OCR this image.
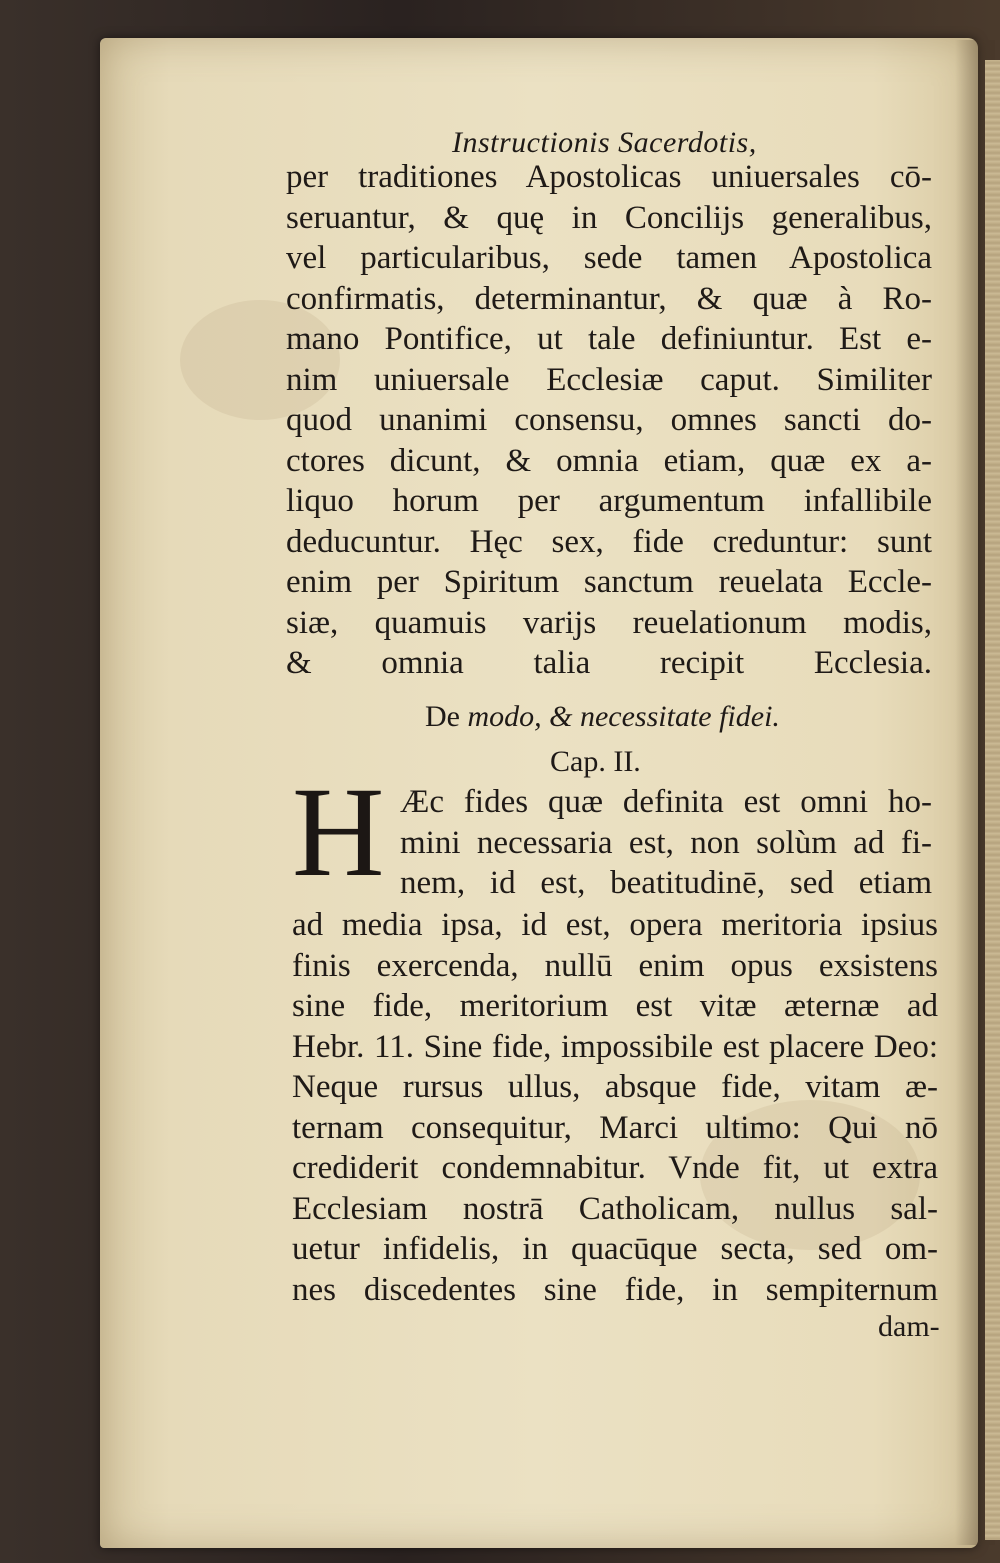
Instructionis Sacerdotis,
per traditiones Apostolicas uniuersales cō-
seruantur, & quę in Concilijs generalibus,
vel particularibus, sede tamen Apostolica
confirmatis, determinantur, & quæ à Ro-
mano Pontifice, ut tale definiuntur. Est e-
nim uniuersale Ecclesiæ caput. Similiter
quod unanimi consensu, omnes sancti do-
ctores dicunt, & omnia etiam, quæ ex a-
liquo horum per argumentum infallibile
deducuntur. Hęc sex, fide creduntur: sunt
enim per Spiritum sanctum reuelata Eccle-
siæ, quamuis varijs reuelationum modis,
& omnia talia recipit Ecclesia.
De modo, & necessitate fidei.
Cap. II.
H Æc fides quæ definita est omni ho-
mini necessaria est, non solùm ad fi-
nem, id est, beatitudinē, sed etiam
ad media ipsa, id est, opera meritoria ipsius
finis exercenda, nullū enim opus exsistens
sine fide, meritorium est vitæ æternæ ad
Hebr. 11. Sine fide, impossibile est placere Deo:
Neque rursus ullus, absque fide, vitam æ-
ternam consequitur, Marci ultimo: Qui nō
crediderit condemnabitur. Vnde fit, ut extra
Ecclesiam nostrā Catholicam, nullus sal-
uetur infidelis, in quacūque secta, sed om-
nes discedentes sine fide, in sempiternum
dam-
